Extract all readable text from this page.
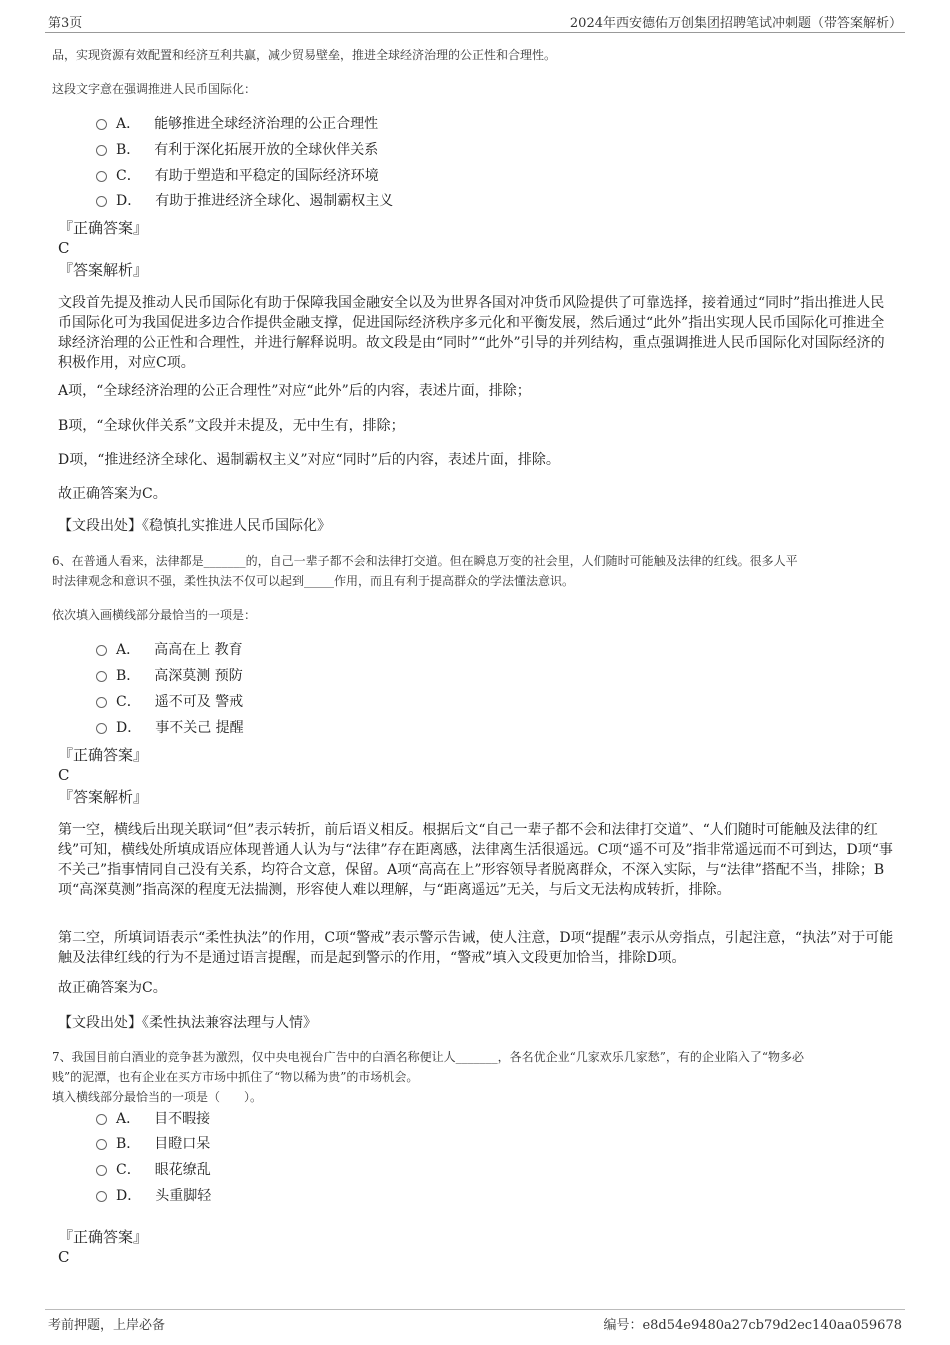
第3页	2024年西安德佑万创集团招聘笔试冲刺题（带答案解析）
品，实现资源有效配置和经济互利共赢，减少贸易壁垒，推进全球经济治理的公正性和合理性。
这段文字意在强调推进人民币国际化：
A． 能够推进全球经济治理的公正合理性
B． 有利于深化拓展开放的全球伙伴关系
C． 有助于塑造和平稳定的国际经济环境
D． 有助于推进经济全球化、遏制霸权主义
『正确答案』
C
『答案解析』
文段首先提及推动人民币国际化有助于保障我国金融安全以及为世界各国对冲货币风险提供了可靠选择，接着通过“同时”指出推进人民币国际化可为我国促进多边合作提供金融支撑，促进国际经济秩序多元化和平衡发展，然后通过“此外”指出实现人民币国际化可推进全球经济治理的公正性和合理性，并进行解释说明。故文段是由“同时”“此外”引导的并列结构，重点强调推进人民币国际化对国际经济的积极作用，对应C项。
A项，“全球经济治理的公正合理性”对应“此外”后的内容，表述片面，排除；
B项，“全球伙伴关系”文段并未提及，无中生有，排除；
D项，“推进经济全球化、遏制霸权主义”对应“同时”后的内容，表述片面，排除。
故正确答案为C。
【文段出处】《稳慎扎实推进人民币国际化》
6、在普通人看来，法律都是_______的，自己一辈子都不会和法律打交道。但在瞬息万变的社会里，人们随时可能触及法律的红线。很多人平
时法律观念和意识不强，柔性执法不仅可以起到_____作用，而且有利于提高群众的学法懂法意识。
依次填入画横线部分最恰当的一项是：
A． 高高在上 教育
B． 高深莫测 预防
C． 遥不可及 警戒
D． 事不关己 提醒
『正确答案』
C
『答案解析』
第一空，横线后出现关联词“但”表示转折，前后语义相反。根据后文“自己一辈子都不会和法律打交道”、“人们随时可能触及法律的红线”可知，横线处所填成语应体现普通人认为与“法律”存在距离感，法律离生活很遥远。C项“遥不可及”指非常遥远而不可到达，D项“事不关己”指事情同自己没有关系，均符合文意，保留。A项“高高在上”形容领导者脱离群众，不深入实际，与“法律”搭配不当，排除；B项“高深莫测”指高深的程度无法揣测，形容使人难以理解，与“距离遥远”无关，与后文无法构成转折，排除。
第二空，所填词语表示“柔性执法”的作用，C项“警戒”表示警示告诫，使人注意，D项“提醒”表示从旁指点，引起注意，“执法”对于可能触及法律红线的行为不是通过语言提醒，而是起到警示的作用，“警戒”填入文段更加恰当，排除D项。
故正确答案为C。
【文段出处】《柔性执法兼容法理与人情》
7、我国目前白酒业的竞争甚为激烈，仅中央电视台广告中的白酒名称便让人_______，各名优企业“几家欢乐几家愁”，有的企业陷入了“物多必
贱”的泥潭，也有企业在买方市场中抓住了“物以稀为贵”的市场机会。
填入横线部分最恰当的一项是（　　）。
A． 目不暇接
B． 目瞪口呆
C． 眼花缭乱
D． 头重脚轻
『正确答案』
C
考前押题，上岸必备	编号：e8d54e9480a27cb79d2ec140aa059678
